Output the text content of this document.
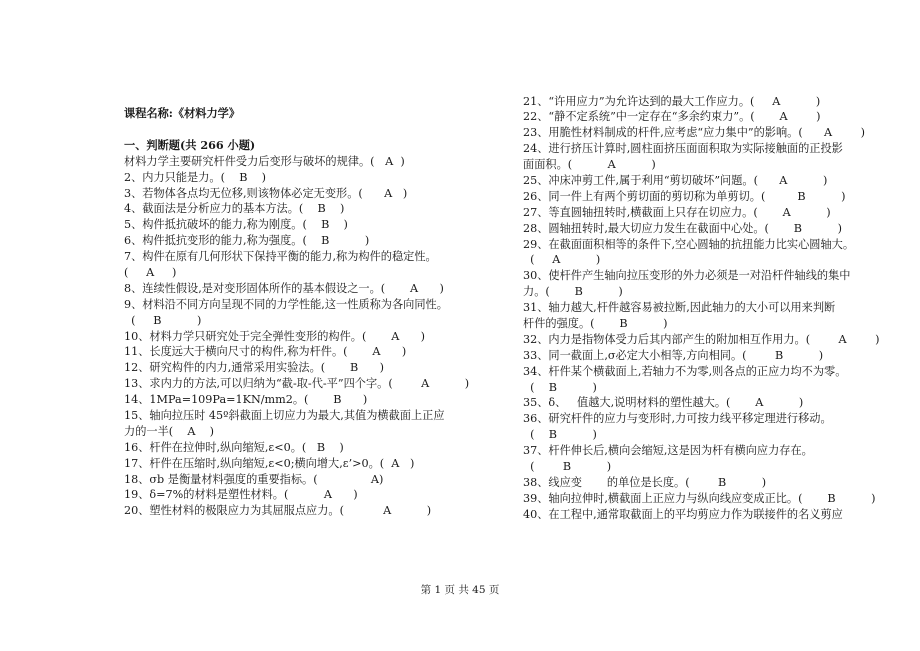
课程名称:《材料力学》
一、判断题(共 266 小题)
材料力学主要研究杆件受力后变形与破坏的规律。(   A  )
2、内力只能是力。(    B    )
3、若物体各点均无位移,则该物体必定无变形。(      A   )
4、截面法是分析应力的基本方法。(    B    )
5、构件抵抗破坏的能力,称为刚度。(    B    )
6、构件抵抗变形的能力,称为强度。(    B          )
7、构件在原有几何形状下保持平衡的能力,称为构件的稳定性。
(     A     )
8、连续性假设,是对变形固体所作的基本假设之一。(       A      )
9、材料沿不同方向呈现不同的力学性能,这一性质称为各向同性。
(     B          )
10、材料力学只研究处于完全弹性变形的构件。(       A      )
11、长度远大于横向尺寸的构件,称为杆件。(       A      )
12、研究构件的内力,通常采用实验法。(       B      )
13、求内力的方法,可以归纳为“截-取-代-平”四个字。(        A          )
14、1MPa=109Pa=1KN/mm2。(       B      )
15、轴向拉压时 45º斜截面上切应力为最大,其值为横截面上正应
力的一半(    A    )
16、杆件在拉伸时,纵向缩短,ε<0。(   B    )
17、杆件在压缩时,纵向缩短,ε<0;横向增大,ε’>0。(  A   )
18、σb 是衡量材料强度的重要指标。(               A)
19、δ=7%的材料是塑性材料。(          A      )
20、塑性材料的极限应力为其屈服点应力。(           A          )
21、“许用应力”为允许达到的最大工作应力。(     A          )
22、“静不定系统”中一定存在“多余约束力”。(       A        )
23、用脆性材料制成的杆件,应考虑“应力集中”的影响。(      A        )
24、进行挤压计算时,圆柱面挤压面面积取为实际接触面的正投影
面面积。(          A          )
25、冲床冲剪工件,属于利用“剪切破坏”问题。(      A          )
26、同一件上有两个剪切面的剪切称为单剪切。(         B          )
27、等直圆轴扭转时,横截面上只存在切应力。(       A          )
28、圆轴扭转时,最大切应力发生在截面中心处。(       B          )
29、在截面面积相等的条件下,空心圆轴的抗扭能力比实心圆轴大。
(     A          )
30、使杆件产生轴向拉压变形的外力必须是一对沿杆件轴线的集中
力。(       B          )
31、轴力越大,杆件越容易被拉断,因此轴力的大小可以用来判断
杆件的强度。(       B          )
32、内力是指物体受力后其内部产生的附加相互作用力。(        A        )
33、同一截面上,σ必定大小相等,方向相同。(        B          )
34、杆件某个横截面上,若轴力不为零,则各点的正应力均不为零。
(    B          )
35、δ、   值越大,说明材料的塑性越大。(       A          )
36、研究杆件的应力与变形时,力可按力线平移定理进行移动。
(    B          )
37、杆件伸长后,横向会缩短,这是因为杆有横向应力存在。
(        B          )
38、线应变       的单位是长度。(        B          )
39、轴向拉伸时,横截面上正应力与纵向线应变成正比。(       B          )
40、在工程中,通常取截面上的平均剪应力作为联接件的名义剪应
第 1 页 共 45 页
